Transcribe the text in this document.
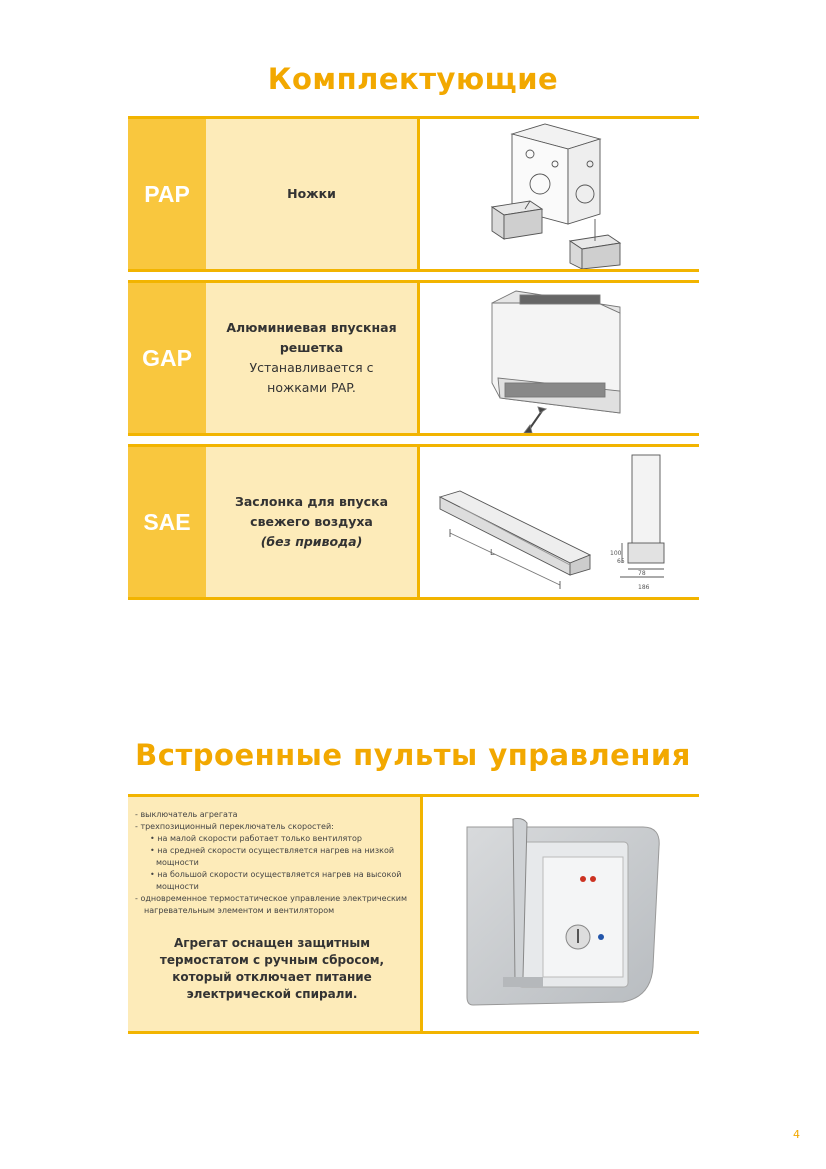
Комплектующие
PAP	Ножки
GAP
Алюминиевая впускная
решетка
Устанавливается с
ножками PAP.
SAE
Заслонка для впуска
свежего воздуха
(без привода)
L	100
65
78
186
Встроенные пульты управления
- выключатель агрегата
- трехпозиционный переключатель скоростей:
• на малой скорости работает только вентилятор
• на средней скорости осуществляется нагрев на низкой мощности
• на большой скорости осуществляется нагрев на высокой мощности
- одновременное термостатическое управление электрическим нагревательным элементом и вентилятором
Агрегат оснащен защитным термостатом с ручным сбросом, который отключает питание электрической спирали.
4
